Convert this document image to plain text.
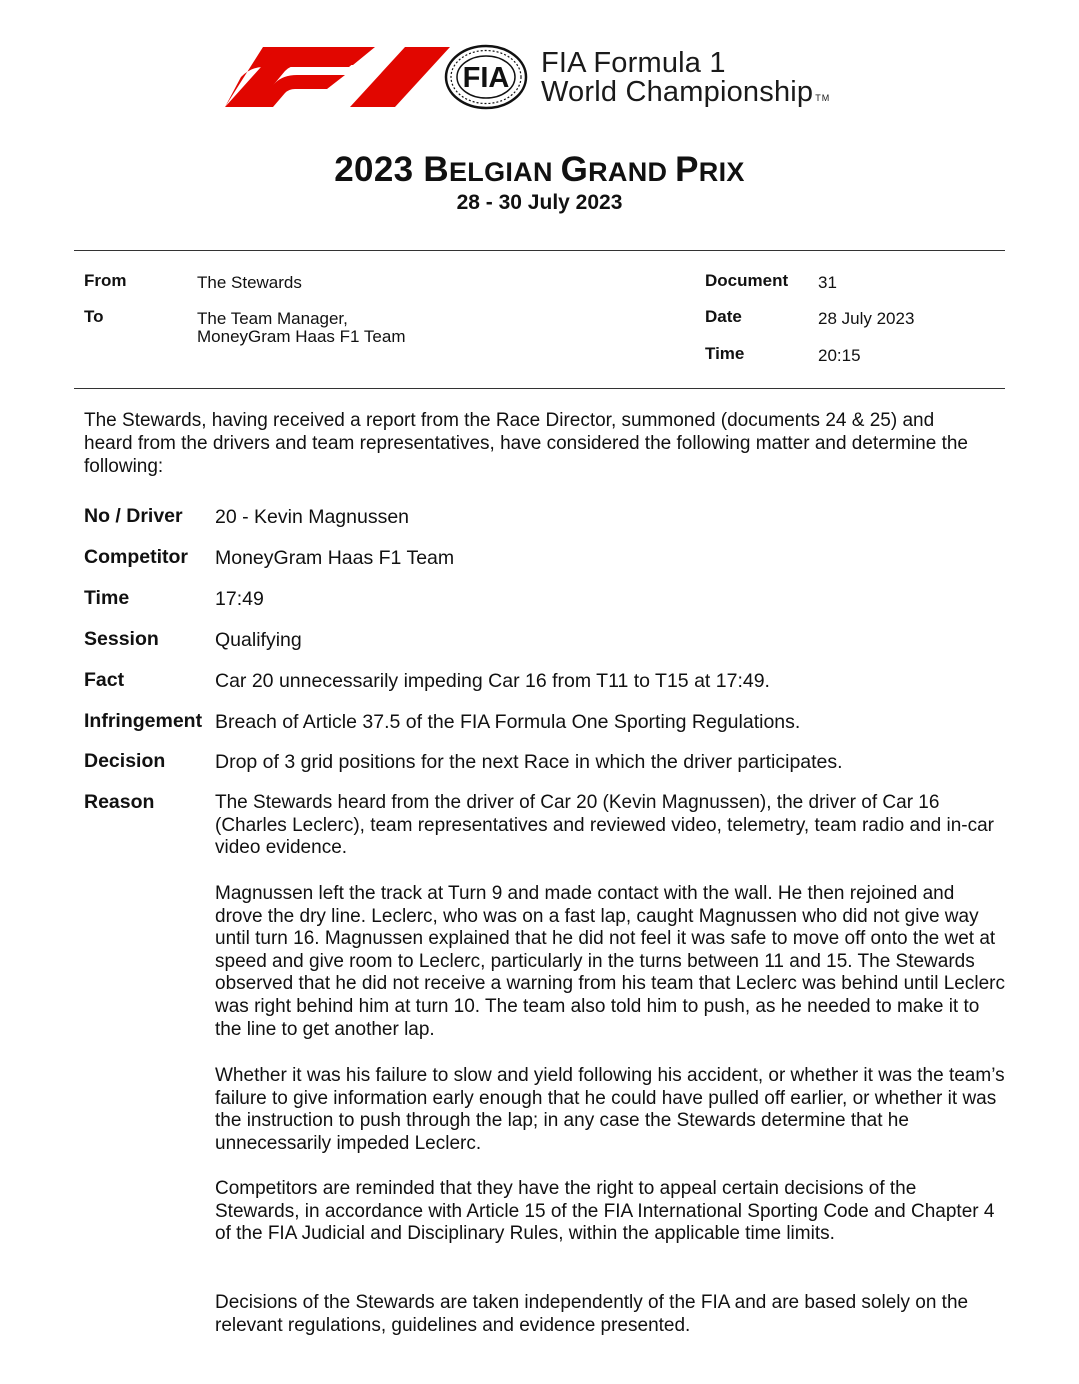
FIA FIA Formula 1
World Championship TM
2023 BELGIAN GRAND PRIX
28 - 30 July 2023
From	The Stewards
To	The Team Manager,
MoneyGram Haas F1 Team
Document 31
Date	28 July 2023
Time	20:15
The Stewards, having received a report from the Race Director, summoned (documents 24 & 25) and heard from the drivers and team representatives, have considered the following matter and determine the following:
No / Driver 20 - Kevin Magnussen
Competitor MoneyGram Haas F1 Team
Time	17:49
Session	Qualifying
Fact	Car 20 unnecessarily impeding Car 16 from T11 to T15 at 17:49.
Infringement Breach of Article 37.5 of the FIA Formula One Sporting Regulations.
Decision	Drop of 3 grid positions for the next Race in which the driver participates.
Reason	The Stewards heard from the driver of Car 20 (Kevin Magnussen), the driver of Car 16 (Charles Leclerc), team representatives and reviewed video, telemetry, team radio and in-car video evidence.
Magnussen left the track at Turn 9 and made contact with the wall. He then rejoined and drove the dry line. Leclerc, who was on a fast lap, caught Magnussen who did not give way until turn 16. Magnussen explained that he did not feel it was safe to move off onto the wet at speed and give room to Leclerc, particularly in the turns between 11 and 15. The Stewards observed that he did not receive a warning from his team that Leclerc was behind until Leclerc was right behind him at turn 10. The team also told him to push, as he needed to make it to the line to get another lap.
Whether it was his failure to slow and yield following his accident, or whether it was the team’s failure to give information early enough that he could have pulled off earlier, or whether it was the instruction to push through the lap; in any case the Stewards determine that he unnecessarily impeded Leclerc.
Competitors are reminded that they have the right to appeal certain decisions of the Stewards, in accordance with Article 15 of the FIA International Sporting Code and Chapter 4 of the FIA Judicial and Disciplinary Rules, within the applicable time limits.
Decisions of the Stewards are taken independently of the FIA and are based solely on the relevant regulations, guidelines and evidence presented.
